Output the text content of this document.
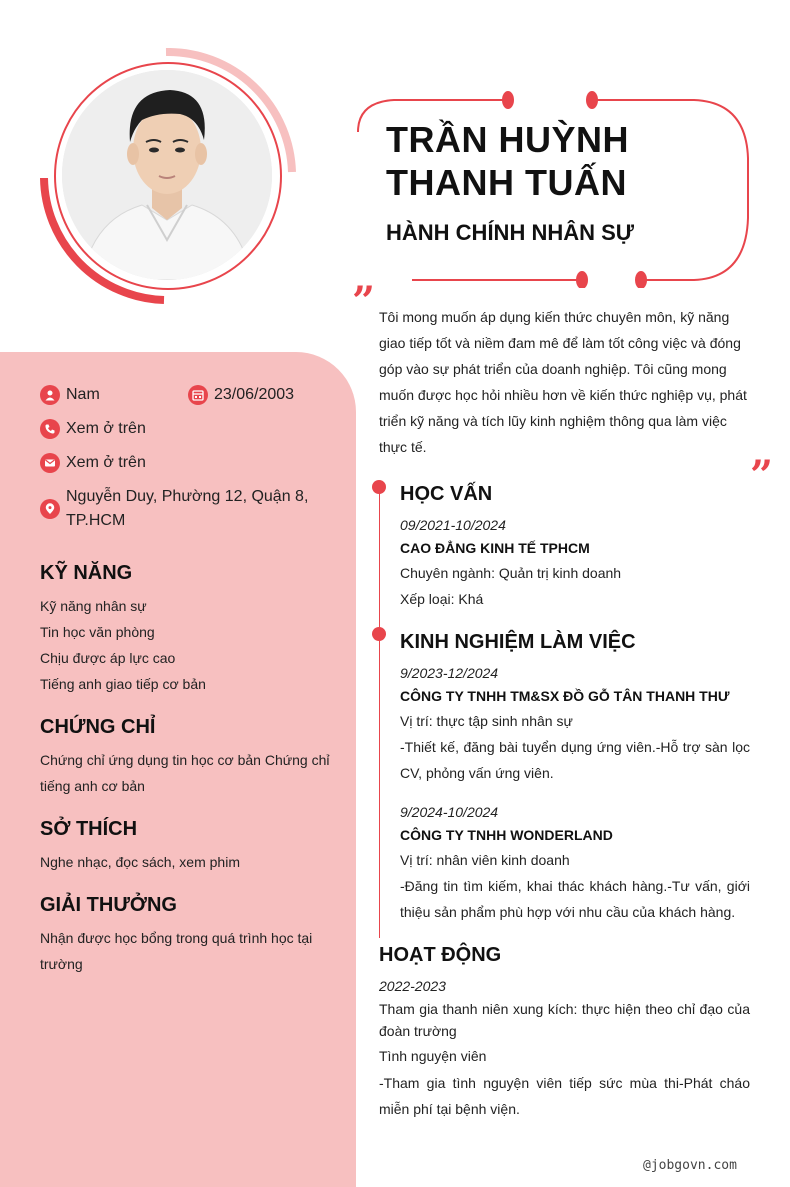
TRẦN HUỲNH
THANH TUẤN
HÀNH CHÍNH NHÂN SỰ
”
”
Tôi mong muốn áp dụng kiến thức chuyên môn, kỹ năng giao tiếp tốt và niềm đam mê để làm tốt công việc và đóng góp vào sự phát triển của doanh nghiệp. Tôi cũng mong muốn được học hỏi nhiều hơn về kiến thức nghiệp vụ, phát triển kỹ năng và tích lũy kinh nghiệm thông qua làm việc thực tế.
Nam	23/06/2003
Xem ở trên
Xem ở trên
Nguyễn Duy, Phường 12, Quận 8, TP.HCM
KỸ NĂNG
Kỹ năng nhân sự
Tin học văn phòng
Chịu được áp lực cao
Tiếng anh giao tiếp cơ bản
CHỨNG CHỈ
Chứng chỉ ứng dụng tin học cơ bản Chứng chỉ tiếng anh cơ bản
SỞ THÍCH
Nghe nhạc, đọc sách, xem phim
GIẢI THƯỞNG
Nhận được học bổng trong quá trình học tại trường
HỌC VẤN
09/2021-10/2024
CAO ĐẲNG KINH TẾ TPHCM
Chuyên ngành: Quản trị kinh doanh
Xếp loại: Khá
KINH NGHIỆM LÀM VIỆC
9/2023-12/2024
CÔNG TY TNHH TM&SX ĐỒ GỖ TÂN THANH THƯ
Vị trí: thực tập sinh nhân sự
-Thiết kế, đăng bài tuyển dụng ứng viên.-Hỗ trợ sàn lọc CV, phỏng vấn ứng viên.
9/2024-10/2024
CÔNG TY TNHH WONDERLAND
Vị trí: nhân viên kinh doanh
-Đăng tin tìm kiếm, khai thác khách hàng.-Tư vấn, giới thiệu sản phẩm phù hợp với nhu cầu của khách hàng.
HOẠT ĐỘNG
2022-2023
Tham gia thanh niên xung kích: thực hiện theo chỉ đạo của đoàn trường
Tình nguyện viên
-Tham gia tình nguyện viên tiếp sức mùa thi-Phát cháo miễn phí tại bệnh viện.
@jobgovn.com
